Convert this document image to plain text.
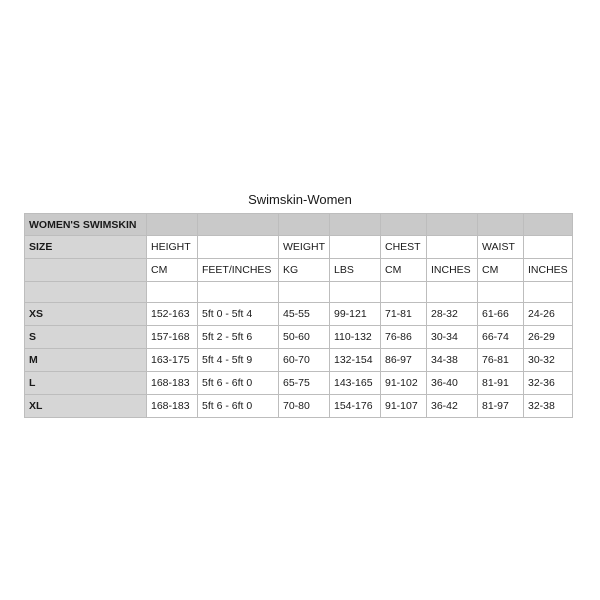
Swimskin-Women
WOMEN'S SWIMSKIN								
SIZE	HEIGHT		WEIGHT		CHEST		WAIST	
	CM	FEET/INCHES	KG	LBS	CM	INCHES	CM	INCHES

XS	152-163	5ft 0 - 5ft 4	45-55	99-121	71-81	28-32	61-66	24-26
S	157-168	5ft 2 - 5ft 6	50-60	110-132	76-86	30-34	66-74	26-29
M	163-175	5ft 4 - 5ft 9	60-70	132-154	86-97	34-38	76-81	30-32
L	168-183	5ft 6 - 6ft 0	65-75	143-165	91-102	36-40	81-91	32-36
XL	168-183	5ft 6 - 6ft 0	70-80	154-176	91-107	36-42	81-97	32-38
